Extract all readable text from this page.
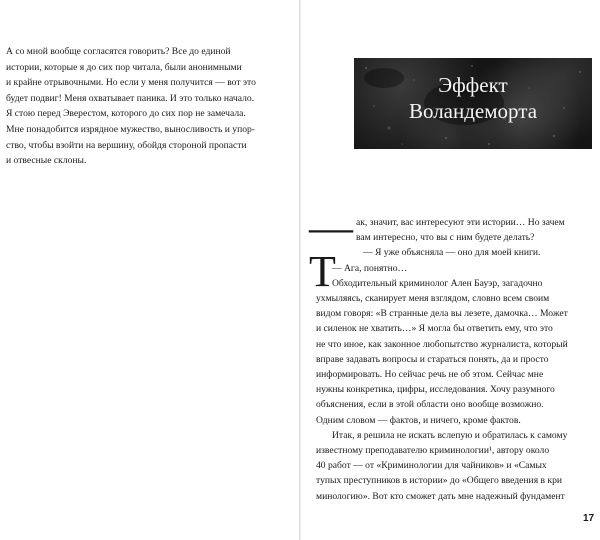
А со мной вообще согласятся говорить? Все до единой
истории, которые я до сих пор читала, были анонимными
и крайне отрывочными. Но если у меня получится — вот это
будет подвиг! Меня охватывает паника. И это только начало.
Я стою перед Эверестом, которого до сих пор не замечала.
Мне понадобится изрядное мужество, выносливость и упор-
ство, чтобы взойти на вершину, обойдя стороной пропасти
и отвесные склоны.

Эффект
Воландеморта
—Т

ак, значит, вас интересуют эти истории… Но зачем
вам интересно, что вы с ним будете делать?
— Я уже объясняла — оно для моей книги.
— Ага, понятно…
Обходительный криминолог Ален Бауэр, загадочно
ухмыляясь, сканирует меня взглядом, словно всем своим
видом говоря: «В странные дела вы лезете, дамочка… Может
и силенок не хватить…» Я могла бы ответить ему, что это
не что иное, как законное любопытство журналиста, который
вправе задавать вопросы и стараться понять, да и просто
информировать. Но сейчас речь не об этом. Сейчас мне
нужны конкретика, цифры, исследования. Хочу разумного
объяснения, если в этой области оно вообще возможно.
Одним словом — фактов, и ничего, кроме фактов.
Итак, я решила не искать вслепую и обратилась к самому
известному преподавателю криминологии¹, автору около
40 работ — от «Криминологии для чайников» и «Самых
тупых преступников в истории» до «Общего введения в кри
минологию». Вот кто сможет дать мне надежный фундамент

17
